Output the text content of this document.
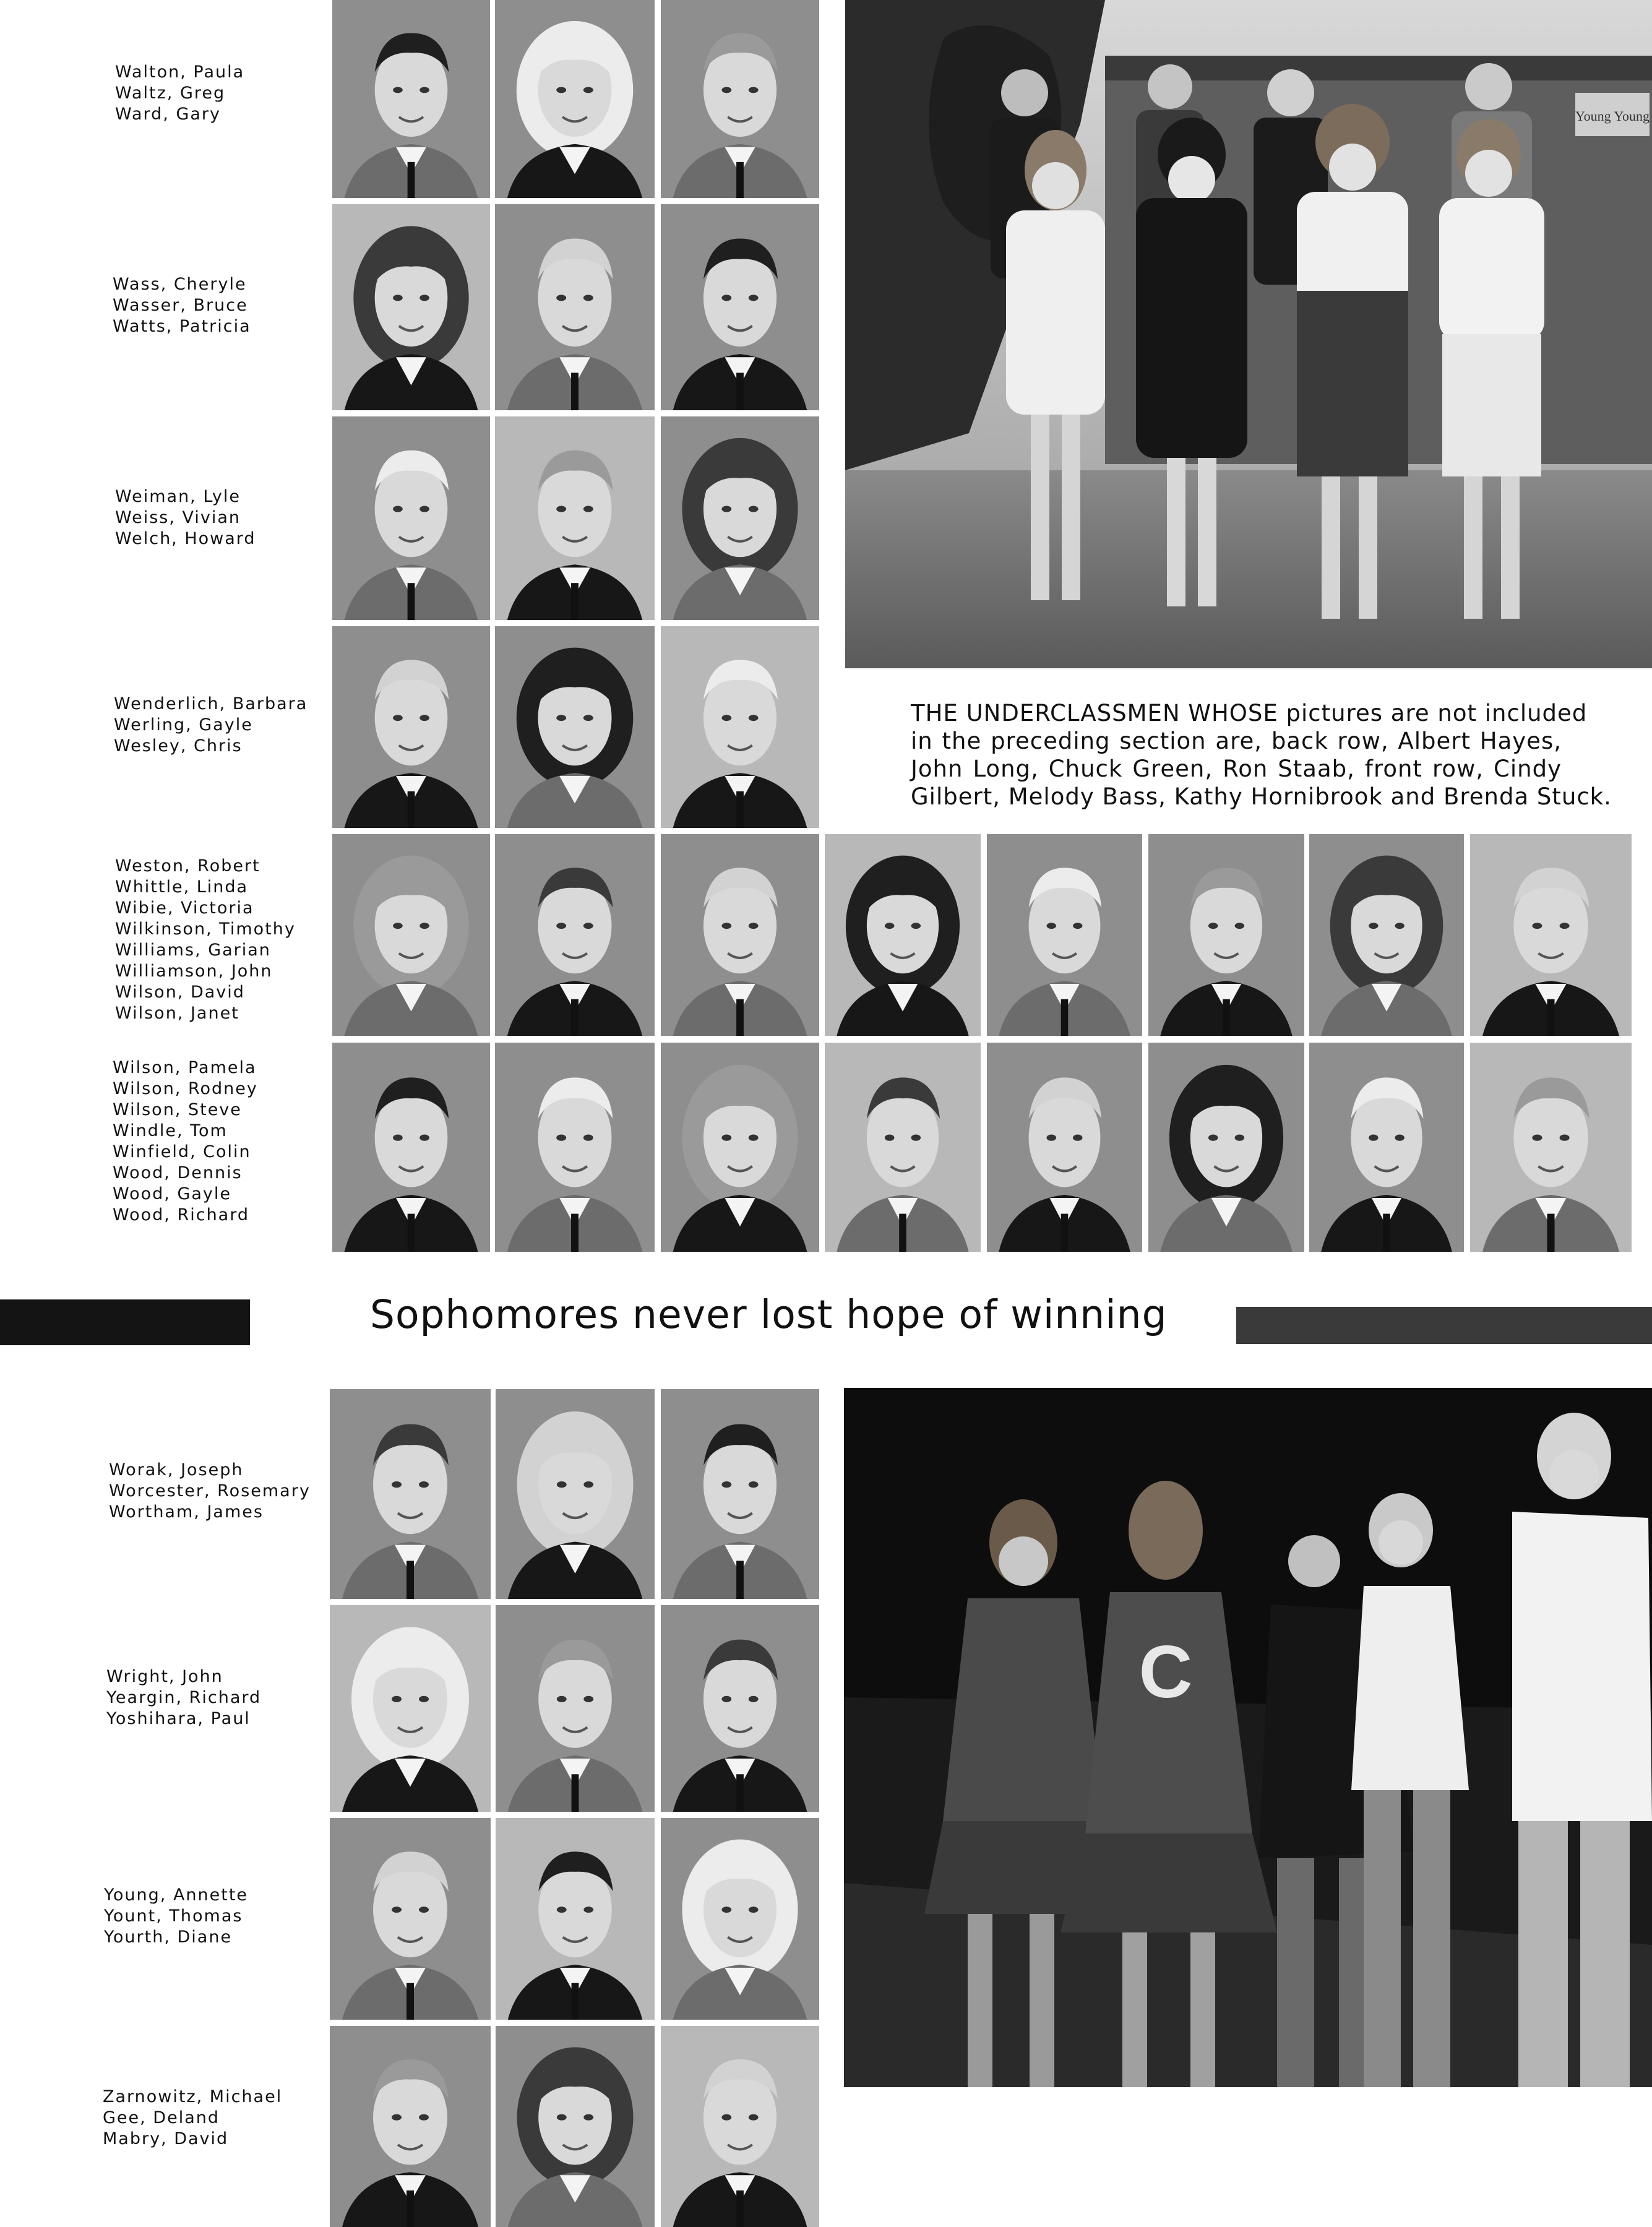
Walton, Paula
Waltz, Greg
Ward, Gary
Wass, Cheryle
Wasser, Bruce
Watts, Patricia
Weiman, Lyle
Weiss, Vivian
Welch, Howard
Wenderlich, Barbara
Werling, Gayle
Wesley, Chris
Weston, Robert
Whittle, Linda
Wibie, Victoria
Wilkinson, Timothy
Williams, Garian
Williamson, John
Wilson, David
Wilson, Janet
Wilson, Pamela
Wilson, Rodney
Wilson, Steve
Windle, Tom
Winfield, Colin
Wood, Dennis
Wood, Gayle
Wood, Richard
Worak, Joseph
Worcester, Rosemary
Wortham, James
Wright, John
Yeargin, Richard
Yoshihara, Paul
Young, Annette
Yount, Thomas
Yourth, Diane
Zarnowitz, Michael
Gee, Deland
Mabry, David
Young Young

THE UNDERCLASSMEN WHOSE pictures are not included
in the preceding section are, back row, Albert Hayes,
John Long, Chuck Green, Ron Staab, front row, Cindy
Gilbert, Melody Bass, Kathy Hornibrook and Brenda Stuck.

Sophomores never lost hope of winning
C
